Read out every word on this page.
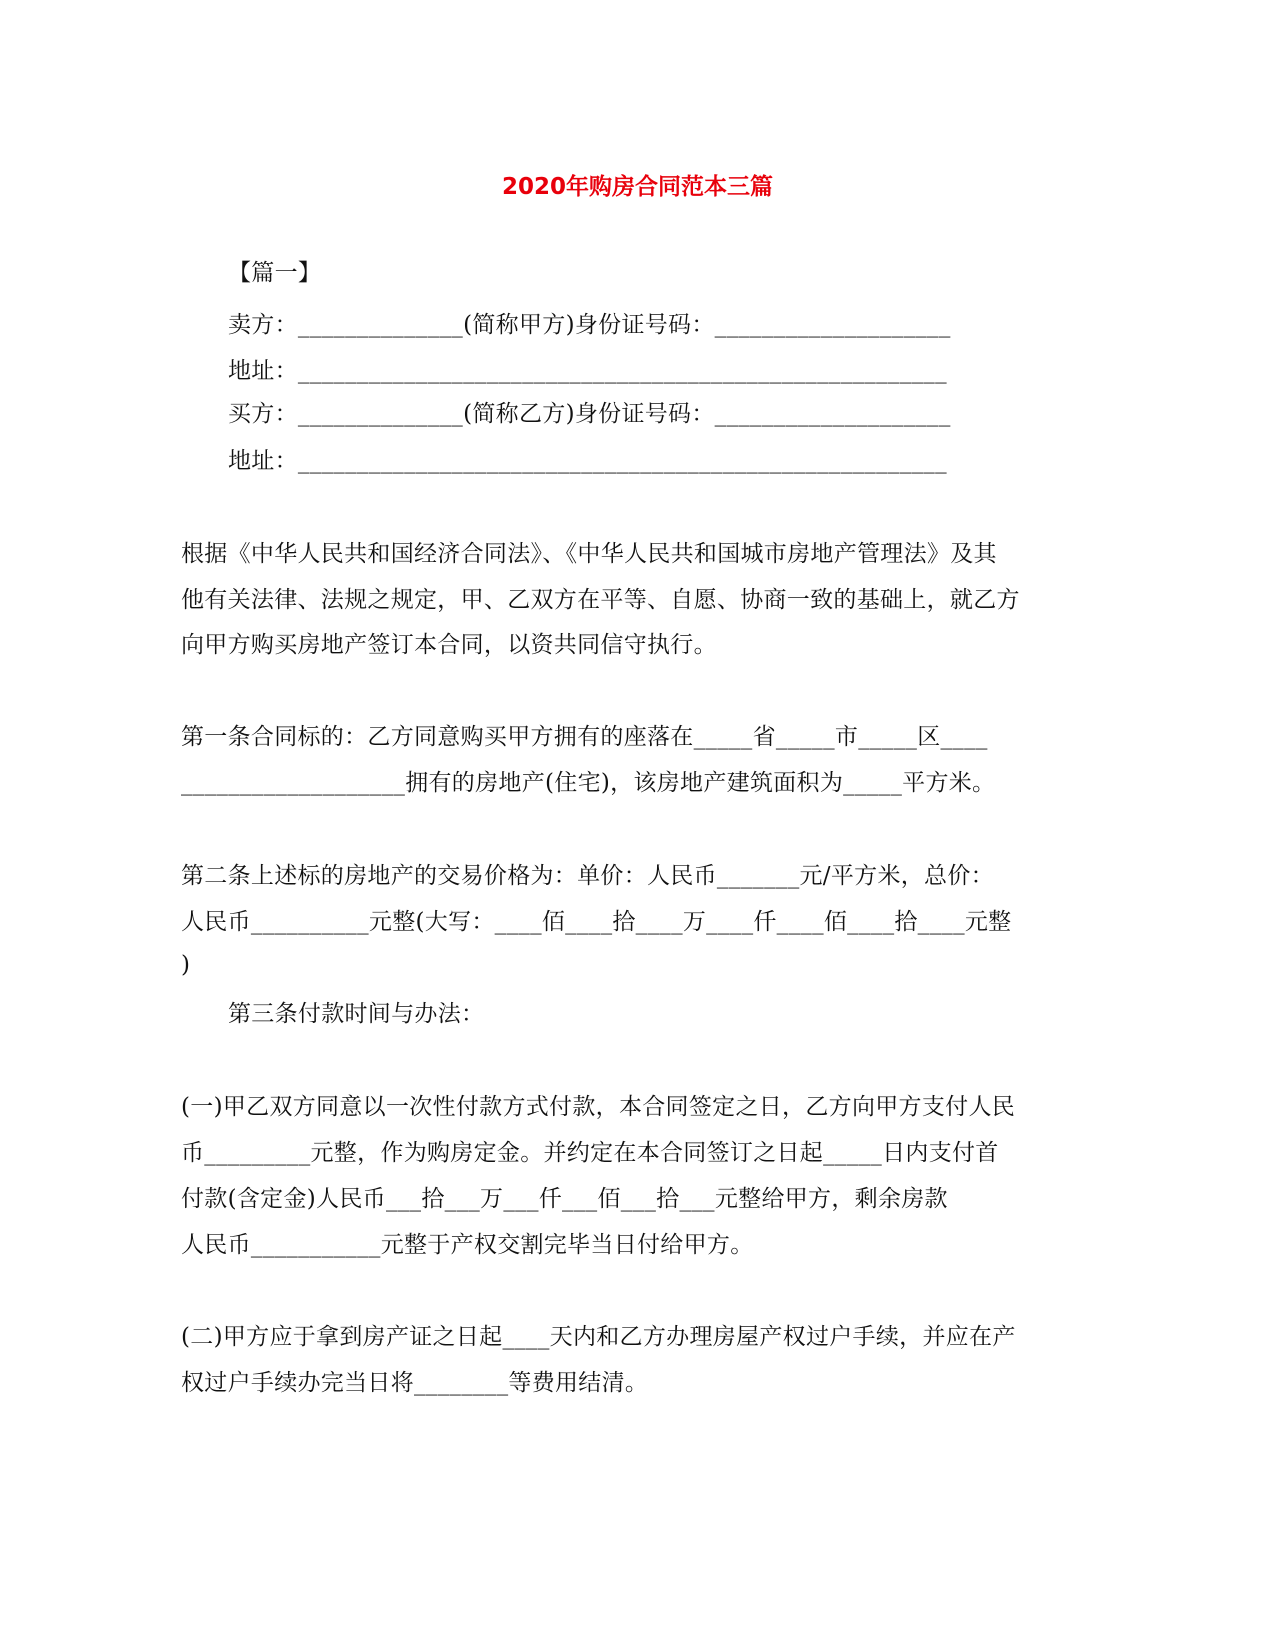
2020年购房合同范本三篇
【篇一】
卖方：______________(简称甲方)身份证号码：____________________
地址：_______________________________________________________
买方：______________(简称乙方)身份证号码：____________________
地址：_______________________________________________________
根据《中华人民共和国经济合同法》、《中华人民共和国城市房地产管理法》及其
他有关法律、法规之规定，甲、乙双方在平等、自愿、协商一致的基础上，就乙方
向甲方购买房地产签订本合同，以资共同信守执行。
第一条合同标的：乙方同意购买甲方拥有的座落在_____省_____市_____区____
___________________拥有的房地产(住宅)，该房地产建筑面积为_____平方米。
第二条上述标的房地产的交易价格为：单价：人民币_______元/平方米，总价：
人民币__________元整(大写：____佰____拾____万____仟____佰____拾____元整
)
第三条付款时间与办法：
(一)甲乙双方同意以一次性付款方式付款，本合同签定之日，乙方向甲方支付人民
币_________元整，作为购房定金。并约定在本合同签订之日起_____日内支付首
付款(含定金)人民币___拾___万___仟___佰___拾___元整给甲方，剩余房款
人民币___________元整于产权交割完毕当日付给甲方。
(二)甲方应于拿到房产证之日起____天内和乙方办理房屋产权过户手续，并应在产
权过户手续办完当日将________等费用结清。
